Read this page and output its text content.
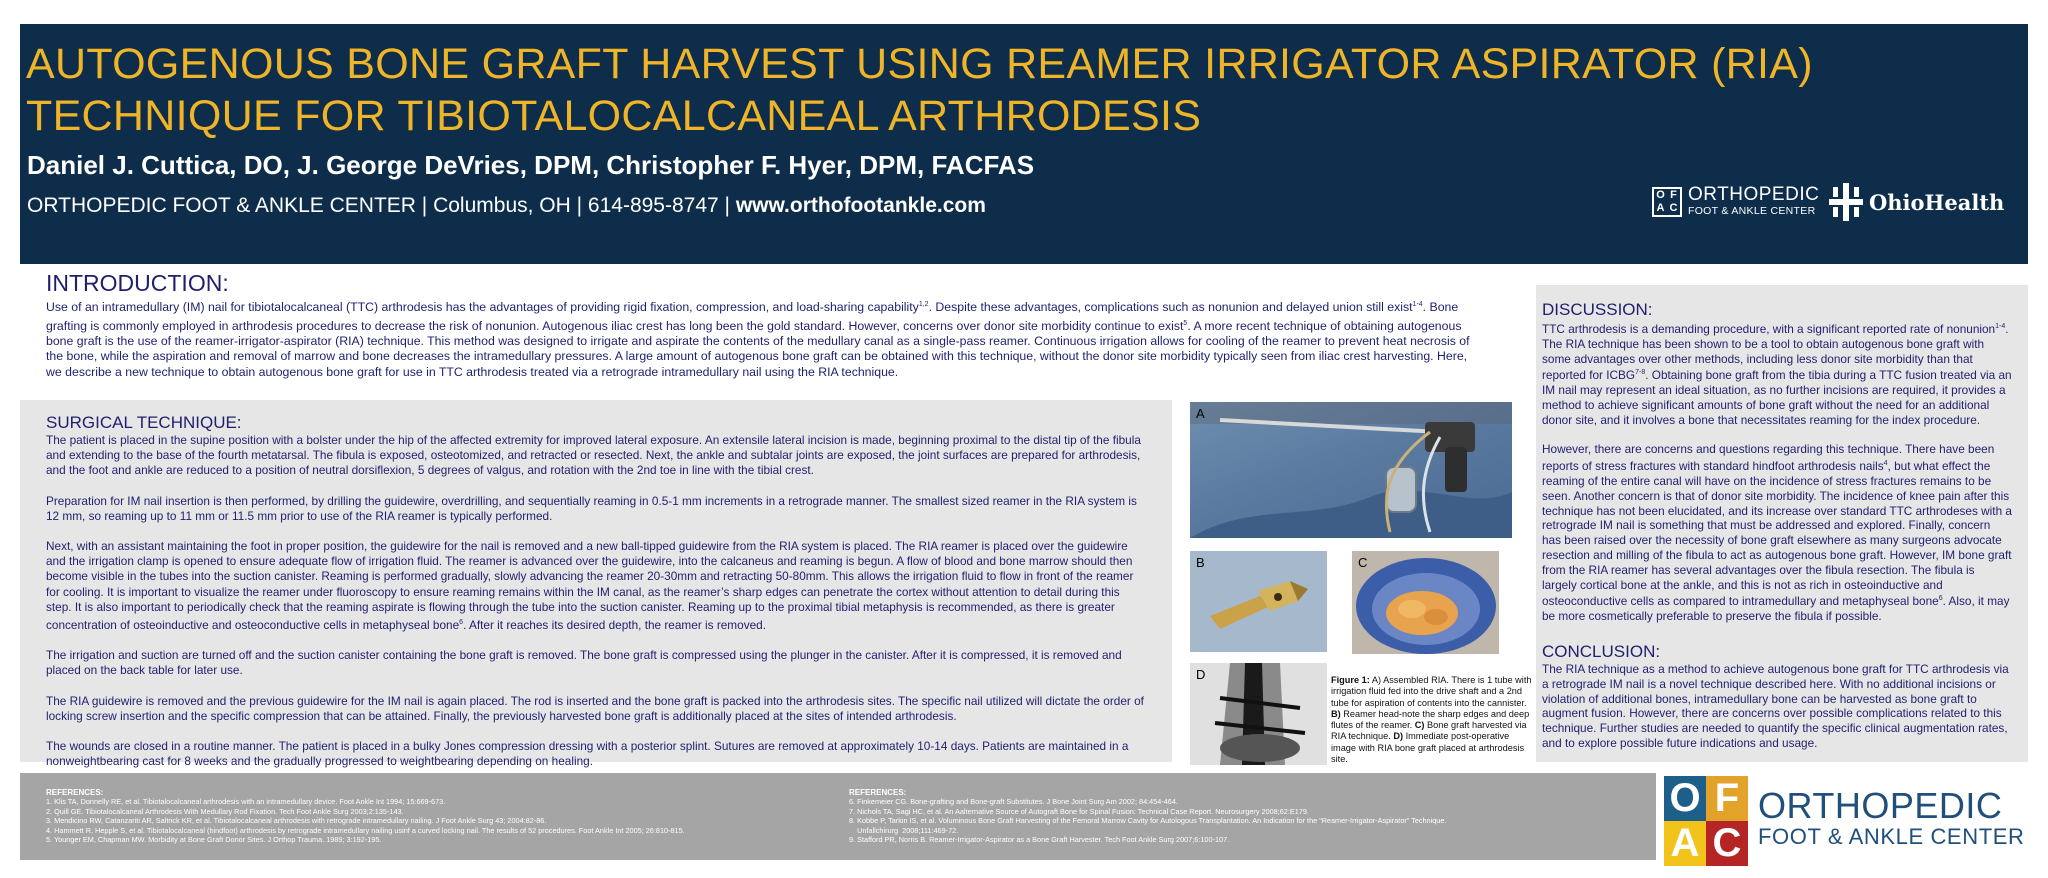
AUTOGENOUS BONE GRAFT HARVEST USING REAMER IRRIGATOR ASPIRATOR (RIA)
TECHNIQUE FOR TIBIOTALOCALCANEAL ARTHRODESIS
Daniel J. Cuttica, DO, J. George DeVries, DPM, Christopher F. Hyer, DPM, FACFAS
ORTHOPEDIC FOOT & ANKLE CENTER | Columbus, OH | 614-895-8747 | www.orthofootankle.com	O F
A C
ORTHOPEDIC
FOOT & ANKLE CENTER	OhioHealth
INTRODUCTION:
Use of an intramedullary (IM) nail for tibiotalocalcaneal (TTC) arthrodesis has the advantages of providing rigid fixation, compression, and load-sharing capability$^{1,2}$. Despite these advantages, complications such as nonunion and delayed union still exist$^{1-4}$. Bone grafting is commonly employed in arthrodesis procedures to decrease the risk of nonunion. Autogenous iliac crest has long been the gold standard. However, concerns over donor site morbidity continue to exist$^5$. A more recent technique of obtaining autogenous bone graft is the use of the reamer-irrigator-aspirator (RIA) technique. This method was designed to irrigate and aspirate the contents of the medullary canal as a single-pass reamer. Continuous irrigation allows for cooling of the reamer to prevent heat necrosis of the bone, while the aspiration and removal of marrow and bone decreases the intramedullary pressures. A large amount of autogenous bone graft can be obtained with this technique, without the donor site morbidity typically seen from iliac crest harvesting. Here, we describe a new technique to obtain autogenous bone graft for use in TTC arthrodesis treated via a retrograde intramedullary nail using the RIA technique.
SURGICAL TECHNIQUE:

The patient is placed in the supine position with a bolster under the hip of the affected extremity for improved lateral exposure. An extensile lateral incision is made, beginning proximal to the distal tip of the fibula and extending to the base of the fourth metatarsal. The fibula is exposed, osteotomized, and retracted or resected. Next, the ankle and subtalar joints are exposed, the joint surfaces are prepared for arthrodesis, and the foot and ankle are reduced to a position of neutral dorsiflexion, 5 degrees of valgus, and rotation with the 2nd toe in line with the tibial crest.

Preparation for IM nail insertion is then performed, by drilling the guidewire, overdrilling, and sequentially reaming in 0.5-1 mm increments in a retrograde manner. The smallest sized reamer in the RIA system is 12 mm, so reaming up to 11 mm or 11.5 mm prior to use of the RIA reamer is typically performed.

Next, with an assistant maintaining the foot in proper position, the guidewire for the nail is removed and a new ball-tipped guidewire from the RIA system is placed. The RIA reamer is placed over the guidewire and the irrigation clamp is opened to ensure adequate flow of irrigation fluid. The reamer is advanced over the guidewire, into the calcaneus and reaming is begun. A flow of blood and bone marrow should then become visible in the tubes into the suction canister. Reaming is performed gradually, slowly advancing the reamer 20-30mm and retracting 50-80mm. This allows the irrigation fluid to flow in front of the reamer for cooling. It is important to visualize the reamer under fluoroscopy to ensure reaming remains within the IM canal, as the reamer’s sharp edges can penetrate the cortex without attention to detail during this step. It is also important to periodically check that the reaming aspirate is flowing through the tube into the suction canister. Reaming up to the proximal tibial metaphysis is recommended, as there is greater concentration of osteoinductive and osteoconductive cells in metaphyseal bone$^6$. After it reaches its desired depth, the reamer is removed.

The irrigation and suction are turned off and the suction canister containing the bone graft is removed. The bone graft is compressed using the plunger in the canister. After it is compressed, it is removed and placed on the back table for later use.

The RIA guidewire is removed and the previous guidewire for the IM nail is again placed. The rod is inserted and the bone graft is packed into the arthrodesis sites. The specific nail utilized will dictate the order of locking screw insertion and the specific compression that can be attained. Finally, the previously harvested bone graft is additionally placed at the sites of intended arthrodesis.

The wounds are closed in a routine manner. The patient is placed in a bulky Jones compression dressing with a posterior splint. Sutures are removed at approximately 10-14 days. Patients are maintained in a nonweightbearing cast for 8 weeks and the gradually progressed to weightbearing depending on healing.

A
B	C
D	Figure 1: A) Assembled RIA. There is 1 tube with irrigation fluid fed into the drive shaft and a 2nd tube for aspiration of contents into the cannister. B) Reamer head-note the sharp edges and deep flutes of the reamer. C) Bone graft harvested via RIA technique. D) Immediate post-operative image with RIA bone graft placed at arthrodesis site.
DISCUSSION:

TTC arthrodesis is a demanding procedure, with a significant reported rate of nonunion$^{1-4}$. The RIA technique has been shown to be a tool to obtain autogenous bone graft with some advantages over other methods, including less donor site morbidity than that reported for ICBG$^{7-8}$. Obtaining bone graft from the tibia during a TTC fusion treated via an IM nail may represent an ideal situation, as no further incisions are required, it provides a method to achieve significant amounts of bone graft without the need for an additional donor site, and it involves a bone that necessitates reaming for the index procedure.

However, there are concerns and questions regarding this technique. There have been reports of stress fractures with standard hindfoot arthrodesis nails$^4$, but what effect the reaming of the entire canal will have on the incidence of stress fractures remains to be seen. Another concern is that of donor site morbidity. The incidence of knee pain after this technique has not been elucidated, and its increase over standard TTC arthrodeses with a retrograde IM nail is something that must be addressed and explored. Finally, concern has been raised over the necessity of bone graft elsewhere as many surgeons advocate resection and milling of the fibula to act as autogenous bone graft. However, IM bone graft from the RIA reamer has several advantages over the fibula resection. The fibula is largely cortical bone at the ankle, and this is not as rich in osteoinductive and osteoconductive cells as compared to intramedullary and metaphyseal bone$^6$. Also, it may be more cosmetically preferable to preserve the fibula if possible.

CONCLUSION:
The RIA technique as a method to achieve autogenous bone graft for TTC arthrodesis via a retrograde IM nail is a novel technique described here. With no additional incisions or violation of additional bones, intramedullary bone can be harvested as bone graft to augment fusion. However, there are concerns over possible complications related to this technique. Further studies are needed to quantify the specific clinical augmentation rates, and to explore possible future indications and usage.
REFERENCES:
1. Klis TA, Donnelly RE, et al. Tibiotalocalcaneal arthrodesis with an intramedullary device. Foot Ankle Int 1994; 15:669-673.
2. Quill GE. Tibiotalocalcaneal Arthrodesis With Medullary Rod Fixation. Tech Foot Ankle Surg 2003;2:135-143.
3. Mendicino RW, Catanzariti AR, Saltrick KR, et al. Tibiotalocalcaneal arthrodesis with retrograde intramedullary nailing. J Foot Ankle Surg 43; 2004:82-86.
4. Hammett R, Hepple S, et al. Tibiotalocalcaneal (hindfoot) arthrodesis by retrograde intramedullary nailing usinf a curved locking nail. The results of 52 procedures. Foot Ankle Int 2005; 26:810-815.
5. Younger EM, Chapman MW. Morbidity at Bone Graft Donor Sites. J Orthop Trauma. 1989; 3:192-195.
REFERENCES:
6. Finkemeier CG. Bone-grafting and Bone-graft Substitutes. J Bone Joint Surg Am 2002; 84:454-464.
7. Nichols TA, Sagi HC, et al. An Aalternative Source of Autograft Bone for Spinal Fusion: Technical Case Report. Neurosurgery 2008;62:E179.
8. Kobbe P, Tarkin IS, et al. Voluminous Bone Graft Harvesting of the Femoral Marrow Cavity for Autologous Transplantation. An Indication for the “Reamer-Irrigator-Aspirator” Technique.
Unfallchirurg  2008;111:469-72.
9. Stafford PR, Norris B. Reamer-Irrigator-Aspirator as a Bone Graft Harvester. Tech Foot Ankle Surg 2007;6:100-107.
O F
A C
ORTHOPEDIC
FOOT & ANKLE CENTER
